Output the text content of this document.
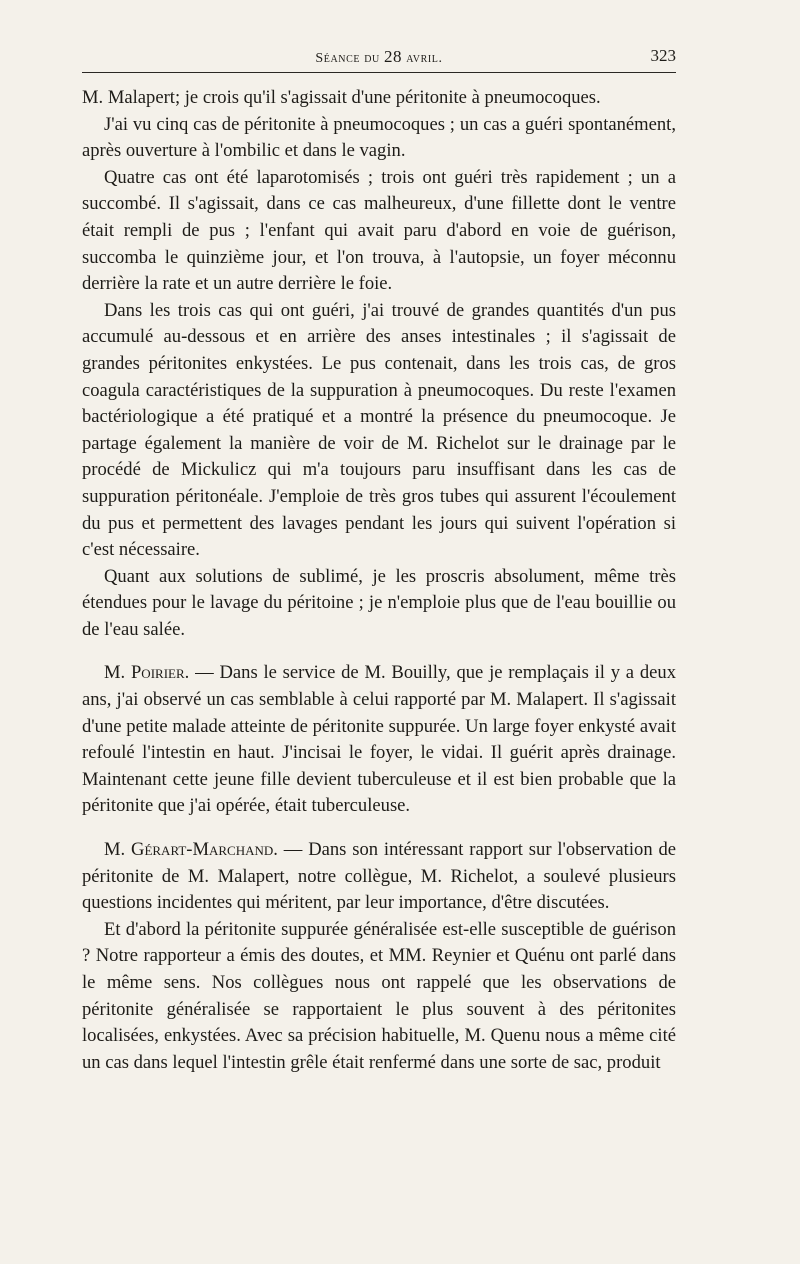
Séance du 28 avril.	323

M. Malapert; je crois qu'il s'agissait d'une péritonite à pneumocoques.

J'ai vu cinq cas de péritonite à pneumocoques ; un cas a guéri spontanément, après ouverture à l'ombilic et dans le vagin.

Quatre cas ont été laparotomisés ; trois ont guéri très rapidement ; un a succombé. Il s'agissait, dans ce cas malheureux, d'une fillette dont le ventre était rempli de pus ; l'enfant qui avait paru d'abord en voie de guérison, succomba le quinzième jour, et l'on trouva, à l'autopsie, un foyer méconnu derrière la rate et un autre derrière le foie.

Dans les trois cas qui ont guéri, j'ai trouvé de grandes quantités d'un pus accumulé au-dessous et en arrière des anses intestinales ; il s'agissait de grandes péritonites enkystées. Le pus contenait, dans les trois cas, de gros coagula caractéristiques de la suppuration à pneumocoques. Du reste l'examen bactériologique a été pratiqué et a montré la présence du pneumocoque. Je partage également la manière de voir de M. Richelot sur le drainage par le procédé de Mickulicz qui m'a toujours paru insuffisant dans les cas de suppuration péritonéale. J'emploie de très gros tubes qui assurent l'écoulement du pus et permettent des lavages pendant les jours qui suivent l'opération si c'est nécessaire.

Quant aux solutions de sublimé, je les proscris absolument, même très étendues pour le lavage du péritoine ; je n'emploie plus que de l'eau bouillie ou de l'eau salée.

M. Poirier. — Dans le service de M. Bouilly, que je remplaçais il y a deux ans, j'ai observé un cas semblable à celui rapporté par M. Malapert. Il s'agissait d'une petite malade atteinte de péritonite suppurée. Un large foyer enkysté avait refoulé l'intestin en haut. J'incisai le foyer, le vidai. Il guérit après drainage. Maintenant cette jeune fille devient tuberculeuse et il est bien probable que la péritonite que j'ai opérée, était tuberculeuse.

M. Gérart-Marchand. — Dans son intéressant rapport sur l'observation de péritonite de M. Malapert, notre collègue, M. Richelot, a soulevé plusieurs questions incidentes qui méritent, par leur importance, d'être discutées.

Et d'abord la péritonite suppurée généralisée est-elle susceptible de guérison ? Notre rapporteur a émis des doutes, et MM. Reynier et Quénu ont parlé dans le même sens. Nos collègues nous ont rappelé que les observations de péritonite généralisée se rapportaient le plus souvent à des péritonites localisées, enkystées. Avec sa précision habituelle, M. Quenu nous a même cité un cas dans lequel l'intestin grêle était renfermé dans une sorte de sac, produit
